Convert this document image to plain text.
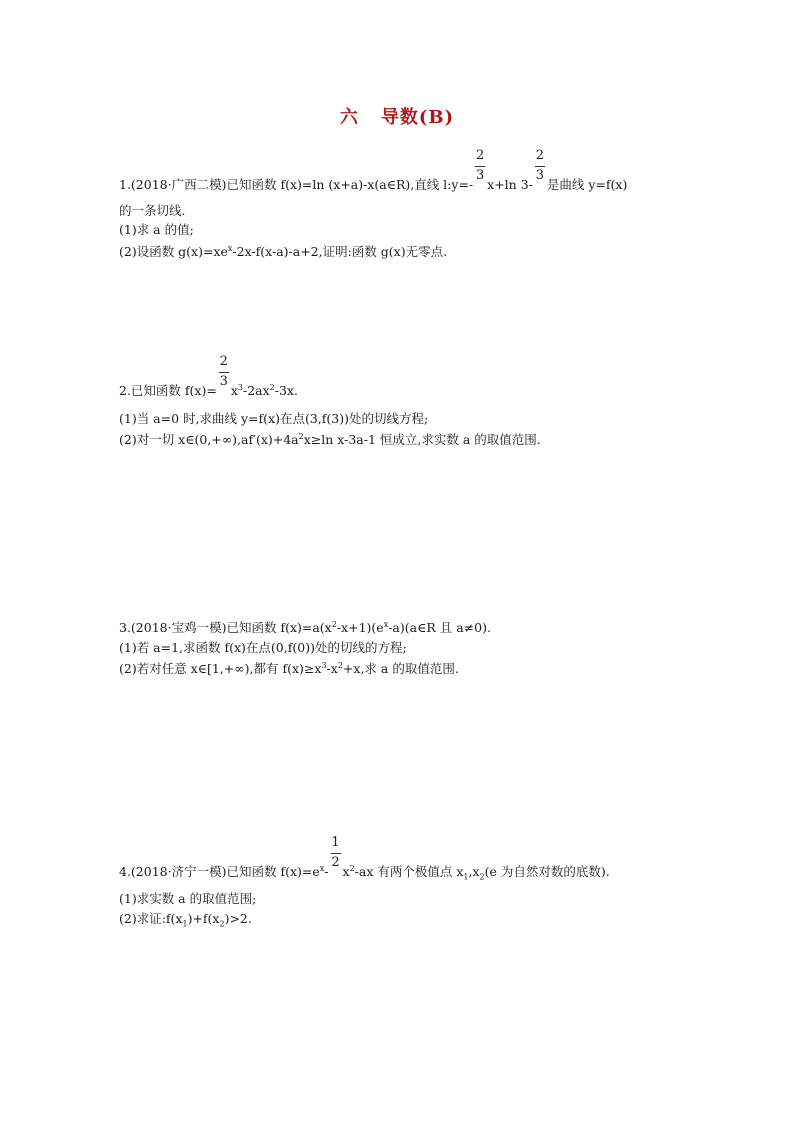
六 导数(B)
1.(2018·广西二模)已知函数 f(x)=ln (x+a)-x(a∈R),直线 l:y=- $\frac{2}{3} x+\ln$ $3- \frac{2}{3}$ 是曲线 y=f(x)
的一条切线.
(1)求 a 的值;
(2)设函数 $g(x)=xe^x-2x-f(x-a)-a+2$,证明:函数 g(x)无零点.
2.已知函数 $f(x)= \frac{2}{3} x^3-2ax^2-3x$.
(1)当 a=0 时,求曲线 y=f(x)在点(3,f(3))处的切线方程;
(2)对一切 $x\in(0,+\infty),af'(x)+4a^2x\ge\ln$ x-3a-1 恒成立,求实数 a 的取值范围.
3.(2018·宝鸡一模)已知函数 $f(x)=a(x^2-x+1)(e^x-a)(a\in R$ 且 a≠0).
(1)若 a=1,求函数 f(x)在点(0,f(0))处的切线的方程;
(2)若对任意 x∈[1,+∞),都有 $f(x)\ge x^3-x^2+x$,求 a 的取值范围.
4.(2018·济宁一模)已知函数 $f(x)=e^x- \frac{1}{2} x^2-ax$ 有两个极值点 $x_1,x_2(e$ 为自然对数的底数).
(1)求实数 a 的取值范围;
(2)求证$:f(x_1)+f(x_2)>2$.
